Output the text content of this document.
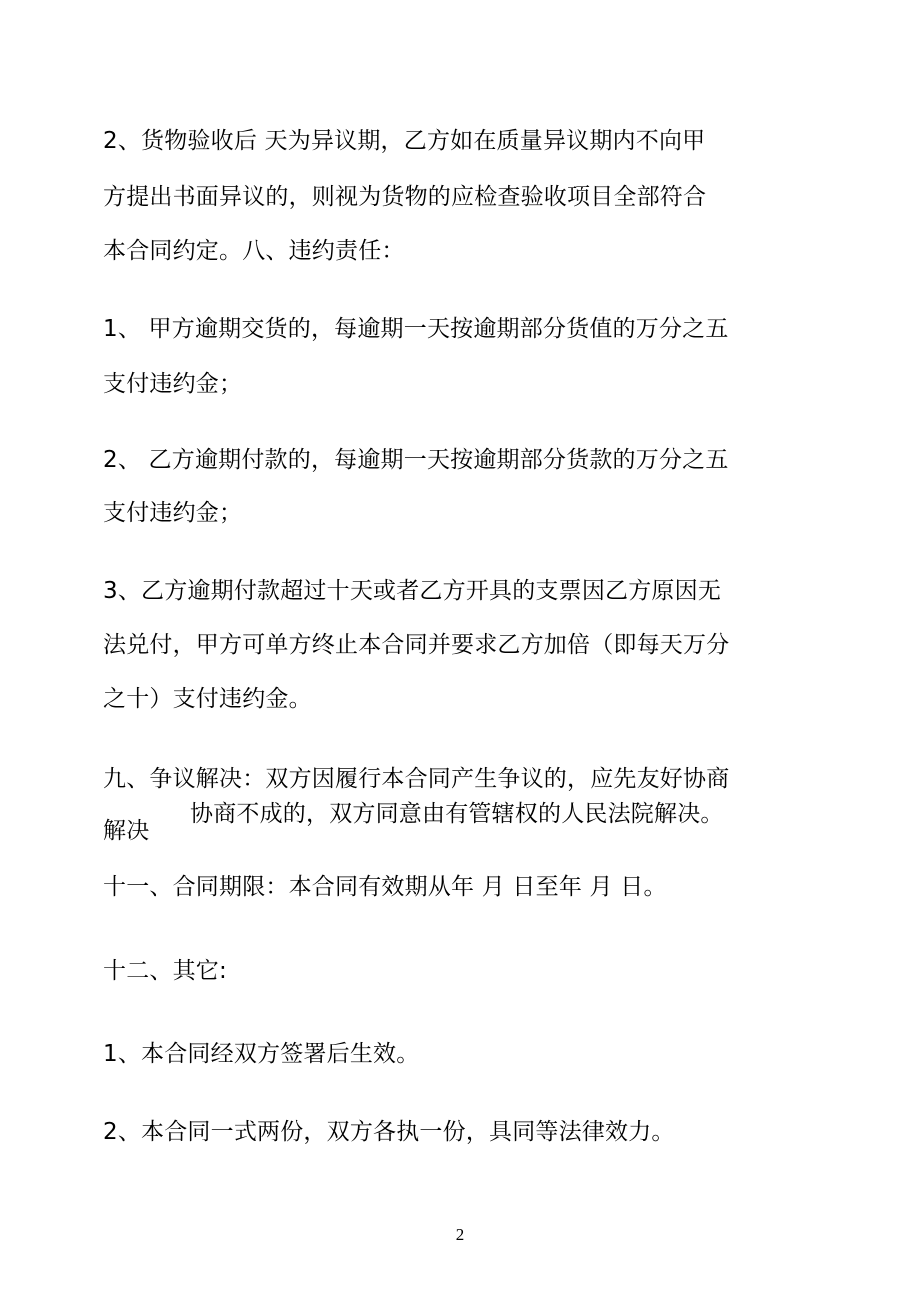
2、货物验收后 天为异议期，乙方如在质量异议期内不向甲
方提出书面异议的，则视为货物的应检查验收项目全部符合
本合同约定。八、违约责任：
1、 甲方逾期交货的，每逾期一天按逾期部分货值的万分之五
支付违约金；
2、 乙方逾期付款的，每逾期一天按逾期部分货款的万分之五
支付违约金；
3、乙方逾期付款超过十天或者乙方开具的支票因乙方原因无
法兑付，甲方可单方终止本合同并要求乙方加倍（即每天万分
之十）支付违约金。
九、争议解决：双方因履行本合同产生争议的，应先友好协商
协商不成的，双方同意由有管辖权的人民法院解决。
解决
十一、合同期限：本合同有效期从年 月 日至年 月 日。
十二、其它:
1、本合同经双方签署后生效。
2、本合同一式两份，双方各执一份，具同等法律效力。
2
